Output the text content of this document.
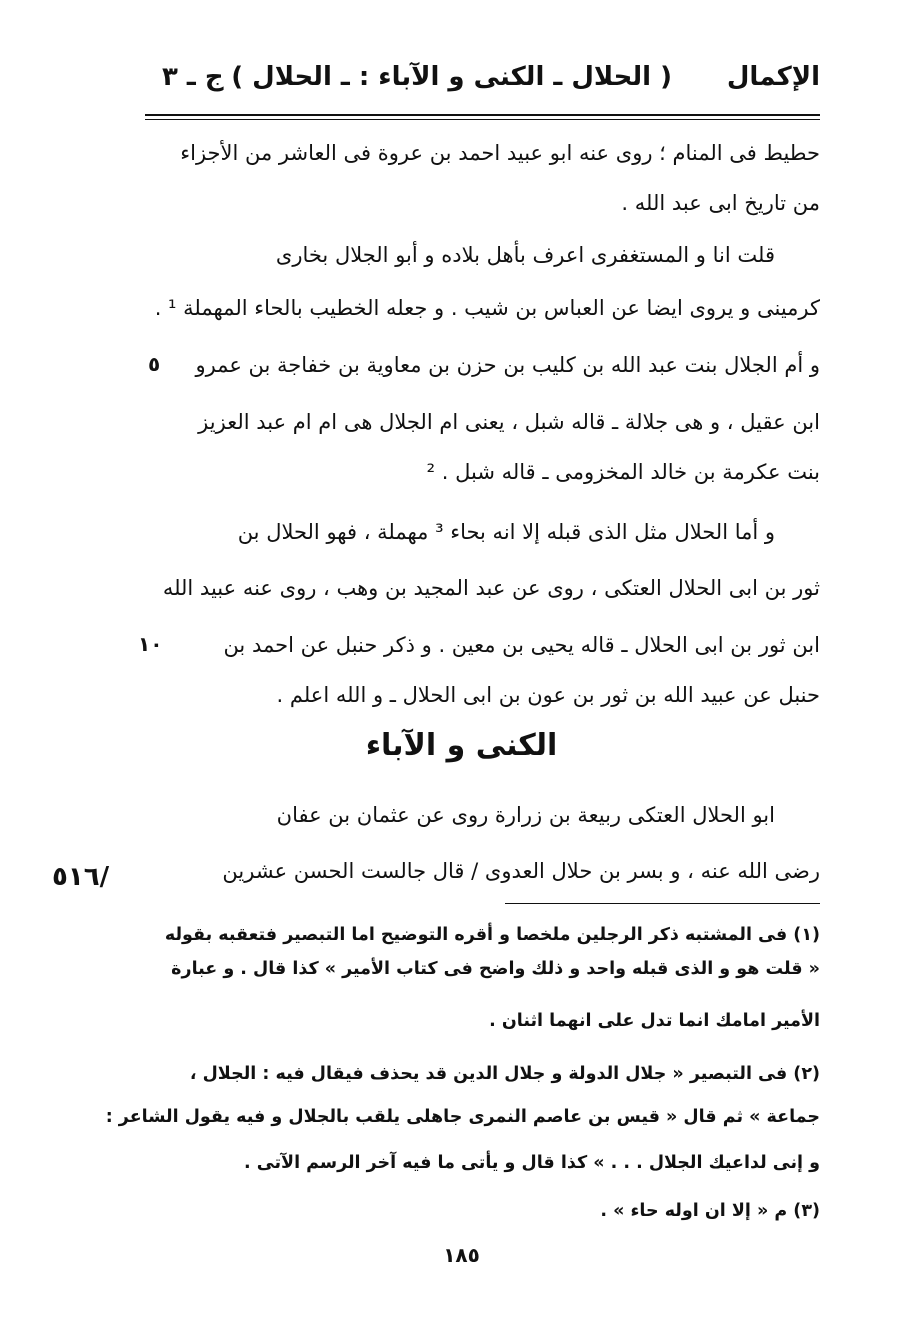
الإكمال
( الحلال ـ الكنى و الآباء : ـ الحلال )
ج ـ ٣
حطيط فى المنام ؛ روى عنه ابو عبيد احمد بن عروة فى العاشر من الأجزاء
من تاريخ ابى عبد الله .
قلت انا و المستغفرى اعرف بأهل بلاده و أبو الجلال بخارى
كرمينى و يروى ايضا عن العباس بن شيب . و جعله الخطيب بالحاء المهملة ¹ .
و أم الجلال بنت عبد الله بن كليب بن حزن بن معاوية بن خفاجة بن عمرو
ابن عقيل ، و هى جلالة ـ قاله شبل ، يعنى ام الجلال هى ام ام عبد العزيز
بنت عكرمة بن خالد المخزومى ـ قاله شبل . ²
و أما الحلال مثل الذى قبله إلا انه بحاء ³ مهملة ، فهو الحلال بن
ثور بن ابى الحلال العتكى ، روى عن عبد المجيد بن وهب ، روى عنه عبيد الله
ابن ثور بن ابى الحلال ـ قاله يحيى بن معين . و ذكر حنبل عن احمد بن
حنبل عن عبيد الله بن ثور بن عون بن ابى الحلال ـ و الله اعلم .
٥
١٠
الكنى و الآباء
ابو الحلال العتكى ربيعة بن زرارة روى عن عثمان بن عفان
رضى الله عنه ، و بسر بن حلال العدوى / قال جالست الحسن عشرين
/٥١٦
(١) فى المشتبه ذكر الرجلين ملخصا و أقره التوضيح اما التبصير فتعقبه بقوله
« قلت هو و الذى قبله واحد و ذلك واضح فى كتاب الأمير » كذا قال . و عبارة
الأمير امامك انما تدل على انهما اثنان .
(٢) فى التبصير « جلال الدولة و جلال الدين قد يحذف فيقال فيه : الجلال ،
جماعة » ثم قال « قيس بن عاصم النمرى جاهلى يلقب بالجلال و فيه يقول الشاعر :
و إنى لداعيك الجلال . . . » كذا قال و يأتى ما فيه آخر الرسم الآتى .
(٣) م « إلا ان اوله حاء » .
١٨٥
